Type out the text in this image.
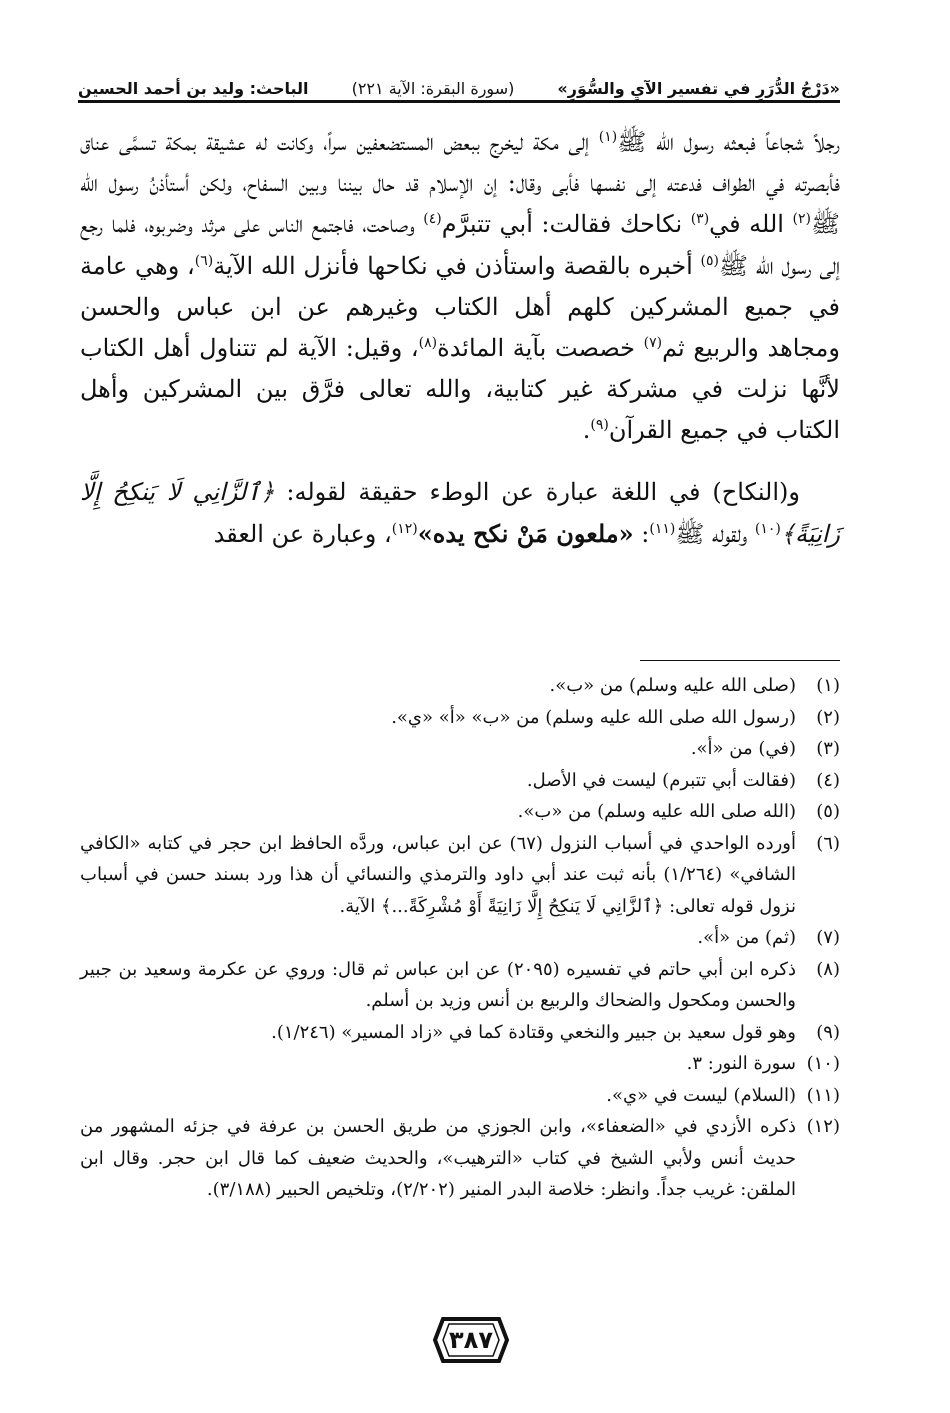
«دَرْجُ الدُّرَرِ في تفسير الآيِ والسُّوَرِ»
(سورة البقرة: الآية ٢٢١)
الباحث: وليد بن أحمد الحسين

رجلاً شجاعاً فبعثه رسول الله ﷺ$^{(١)}$ إلى مكة ليخرج ببعض المستضعفين سراً، وكانت له عشيقة بمكة تسمَّى عناق فأبصرته في الطواف فدعته إلى نفسها فأبى وقال: إن الإسلام قد حال بيننا وبين السفاح، ولكن أستأذنُ رسول الله ﷺ$^{(٢)}$ الله في$^{(٣)}$ نكاحك فقالت: أبي تتبرَّم$^{(٤)}$ وصاحت، فاجتمع الناس على مرثد وضربوه، فلما رجع إلى رسول الله ﷺ$^{(٥)}$ أخبره بالقصة واستأذن في نكاحها فأنزل الله الآية$^{(٦)}$، وهي عامة في جميع المشركين كلهم أهل الكتاب وغيرهم عن ابن عباس والحسن ومجاهد والربيع ثم$^{(٧)}$ خصصت بآية المائدة$^{(٨)}$، وقيل: الآية لم تتناول أهل الكتاب لأنَّها نزلت في مشركة غير كتابية، والله تعالى فرَّق بين المشركين وأهل الكتاب في جميع القرآن$^{(٩)}$.

و(النكاح) في اللغة عبارة عن الوطء حقيقة لقوله: ﴿ٱلزَّانِي لَا يَنكِحُ إِلَّا زَانِيَةً﴾$^{(١٠)}$ ولقوله ﷺ$^{(١١)}$: «ملعون مَنْ نكح يده»$^{(١٢)}$، وعبارة عن العقد

(١)
(صلى الله عليه وسلم) من «ب».
(٢)
(رسول الله صلى الله عليه وسلم) من «ب» «أ» «ي».
(٣)
(في) من «أ».
(٤)
(فقالت أبي تتبرم) ليست في الأصل.
(٥)
(الله صلى الله عليه وسلم) من «ب».
(٦)
أورده الواحدي في أسباب النزول (٦٧) عن ابن عباس، وردَّه الحافظ ابن حجر في كتابه «الكافي الشافي» (١/٢٦٤) بأنه ثبت عند أبي داود والترمذي والنسائي أن هذا ورد بسند حسن في أسباب نزول قوله تعالى: ﴿ٱلزَّانِي لَا يَنكِحُ إِلَّا زَانِيَةً أَوْ مُشْرِكَةً...﴾ الآية.
(٧)
(ثم) من «أ».
(٨)
ذكره ابن أبي حاتم في تفسيره (٢٠٩٥) عن ابن عباس ثم قال: وروي عن عكرمة وسعيد بن جبير والحسن ومكحول والضحاك والربيع بن أنس وزيد بن أسلم.
(٩)
وهو قول سعيد بن جبير والنخعي وقتادة كما في «زاد المسير» (١/٢٤٦).
(١٠)
سورة النور: ٣.
(١١)
(السلام) ليست في «ي».
(١٢)
ذكره الأزدي في «الضعفاء»، وابن الجوزي من طريق الحسن بن عرفة في جزئه المشهور من حديث أنس ولأبي الشيخ في كتاب «الترهيب»، والحديث ضعيف كما قال ابن حجر. وقال ابن الملقن: غريب جداً. وانظر: خلاصة البدر المنير (٢/٢٠٢)، وتلخيص الحبير (٣/١٨٨).
٣٨٧
